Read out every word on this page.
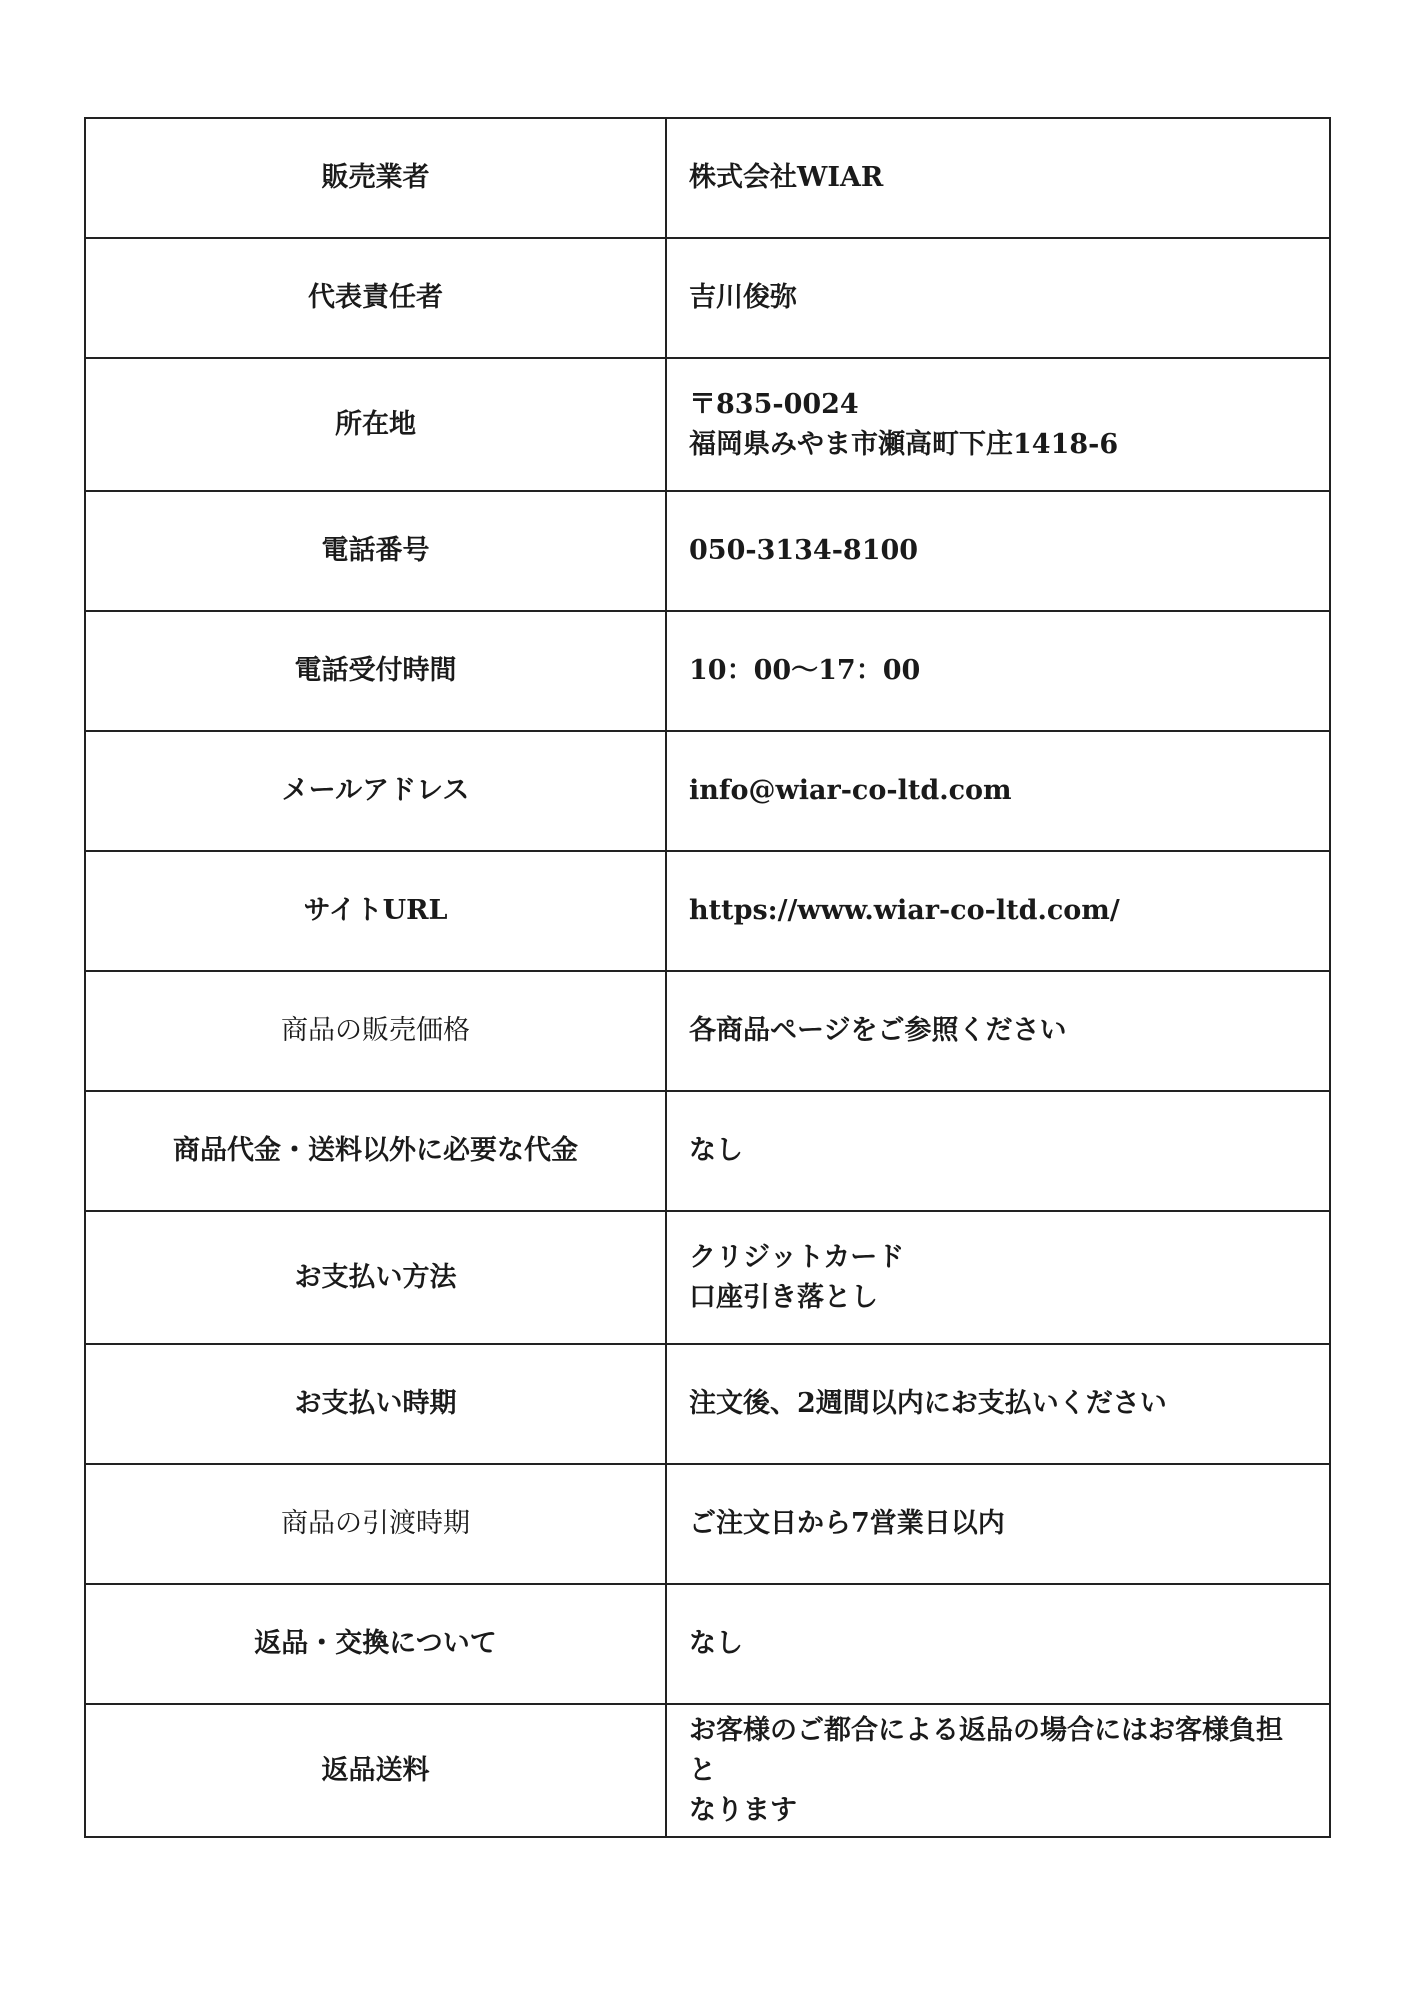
販売業者	株式会社WIAR

代表責任者	吉川俊弥

所在地	〒835-0024
福岡県みやま市瀬高町下庄1418-6

電話番号	050-3134-8100

電話受付時間	10：00〜17：00

メールアドレス	info@wiar-co-ltd.com

サイトURL	https://www.wiar-co-ltd.com/

商品の販売価格	各商品ページをご参照ください

商品代金・送料以外に必要な代金	なし

お支払い方法	クリジットカード
口座引き落とし

お支払い時期	注文後、2週間以内にお支払いください

商品の引渡時期	ご注文日から7営業日以内

返品・交換について	なし

返品送料	お客様のご都合による返品の場合にはお客様負担と
なります
